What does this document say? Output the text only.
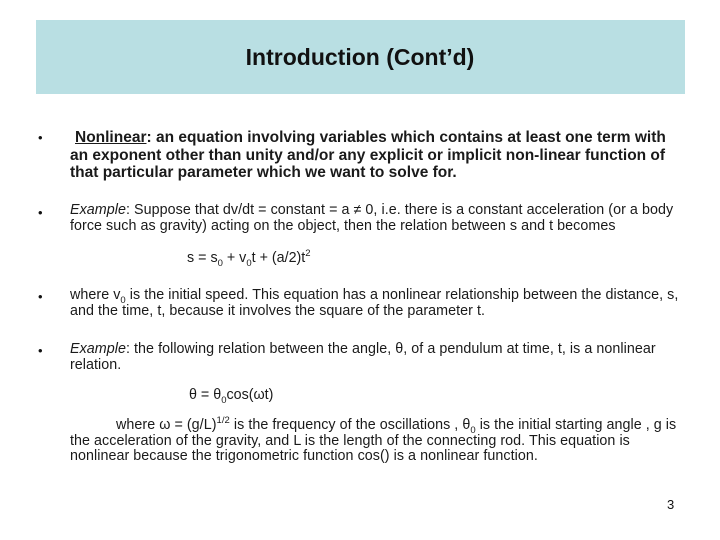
Introduction (Cont’d)
•	Nonlinear: an equation involving variables which contains at least one term with an exponent other than unity and/or any explicit or implicit non-linear function of that particular parameter which we want to solve for.
• Example: Suppose that dv/dt = constant = a ≠ 0, i.e. there is a constant acceleration (or a body force such as gravity) acting on the object, then the relation between s and t becomes
$s = s_0 + v_0t + (a/2)t^2$
• where $v_0$ is the initial speed. This equation has a nonlinear relationship between the distance, s, and the time, t, because it involves the square of the parameter t.
• Example: the following relation between the angle, θ, of a pendulum at time, t, is a nonlinear relation.
$\theta = \theta_0\cos(\omega t)$
where $\omega = (g/L)^{1/2}$ is the frequency of the oscillations , $\theta_0$ is the initial starting angle , g is the acceleration of the gravity, and L is the length of the connecting rod. This equation is nonlinear because the trigonometric function cos() is a nonlinear function.
3
